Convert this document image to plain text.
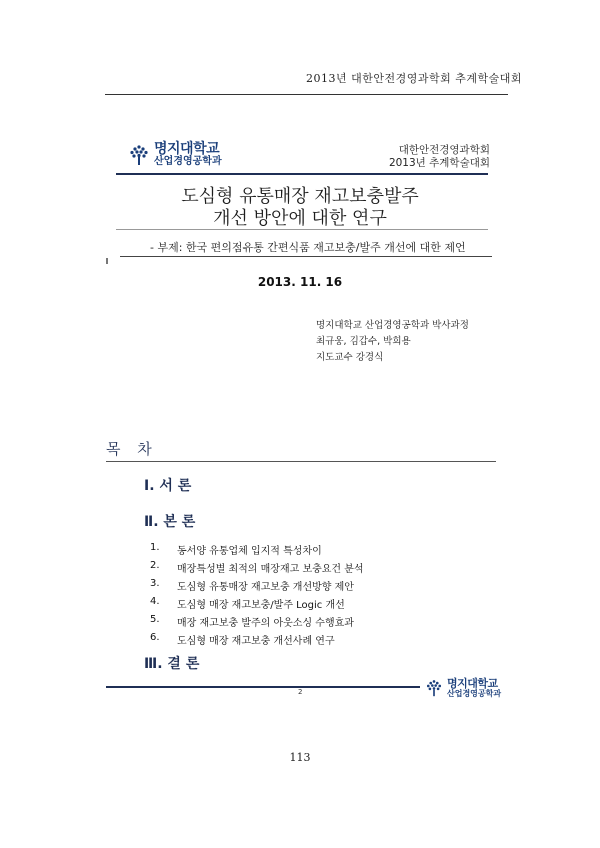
2013년 대한안전경영과학회 추계학술대회
명지대학교
산업경영공학과
대한안전경영과학회
2013년 추계학술대회
도심형 유통매장 재고보충발주
개선 방안에 대한 연구
- 부제: 한국 편의점유통 간편식품 재고보충/발주 개선에 대한 제언
2013. 11. 16
명지대학교 산업경영공학과 박사과정
최규웅, 김갑수, 박희용
지도교수 강경식
목 차
Ⅰ. 서 론
Ⅱ. 본 론
1.	동서양 유통업체 입지적 특성차이
2.	매장특성별 최적의 매장재고 보충요건 분석
3.	도심형 유통매장 재고보충 개선방향 제안
4.	도심형 매장 재고보충/발주 Logic 개선
5.	매장 재고보충 발주의 아웃소싱 수행효과
6.	도심형 매장 재고보충 개선사례 연구
Ⅲ. 결 론
2
명지대학교
산업경영공학과
113
